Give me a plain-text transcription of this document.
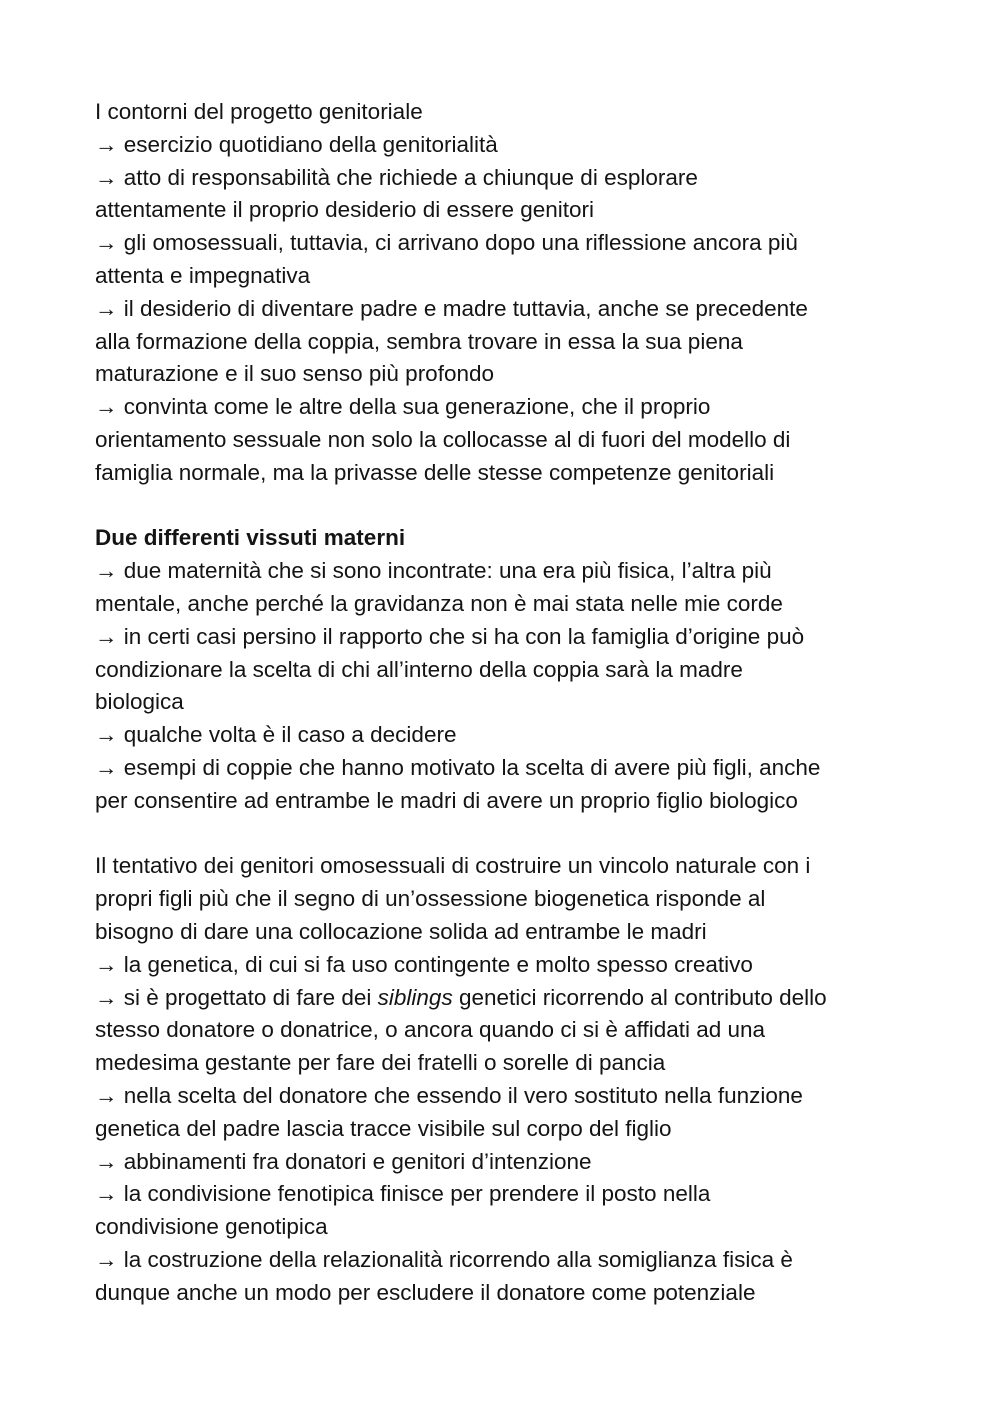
I contorni del progetto genitoriale
→ esercizio quotidiano della genitorialità
→ atto di responsabilità che richiede a chiunque di esplorare
attentamente il proprio desiderio di essere genitori
→ gli omosessuali, tuttavia, ci arrivano dopo una riflessione ancora più
attenta e impegnativa
→ il desiderio di diventare padre e madre tuttavia, anche se precedente
alla formazione della coppia, sembra trovare in essa la sua piena
maturazione e il suo senso più profondo
→ convinta come le altre della sua generazione, che il proprio
orientamento sessuale non solo la collocasse al di fuori del modello di
famiglia normale, ma la privasse delle stesse competenze genitoriali
Due differenti vissuti materni
→ due maternità che si sono incontrate: una era più fisica, l’altra più
mentale, anche perché la gravidanza non è mai stata nelle mie corde
→ in certi casi persino il rapporto che si ha con la famiglia d’origine può
condizionare la scelta di chi all’interno della coppia sarà la madre
biologica
→ qualche volta è il caso a decidere
→ esempi di coppie che hanno motivato la scelta di avere più figli, anche
per consentire ad entrambe le madri di avere un proprio figlio biologico
Il tentativo dei genitori omosessuali di costruire un vincolo naturale con i
propri figli più che il segno di un’ossessione biogenetica risponde al
bisogno di dare una collocazione solida ad entrambe le madri
→ la genetica, di cui si fa uso contingente e molto spesso creativo
→ si è progettato di fare dei siblings genetici ricorrendo al contributo dello
stesso donatore o donatrice, o ancora quando ci si è affidati ad una
medesima gestante per fare dei fratelli o sorelle di pancia
→ nella scelta del donatore che essendo il vero sostituto nella funzione
genetica del padre lascia tracce visibile sul corpo del figlio
→ abbinamenti fra donatori e genitori d’intenzione
→ la condivisione fenotipica finisce per prendere il posto nella
condivisione genotipica
→ la costruzione della relazionalità ricorrendo alla somiglianza fisica è
dunque anche un modo per escludere il donatore come potenziale
